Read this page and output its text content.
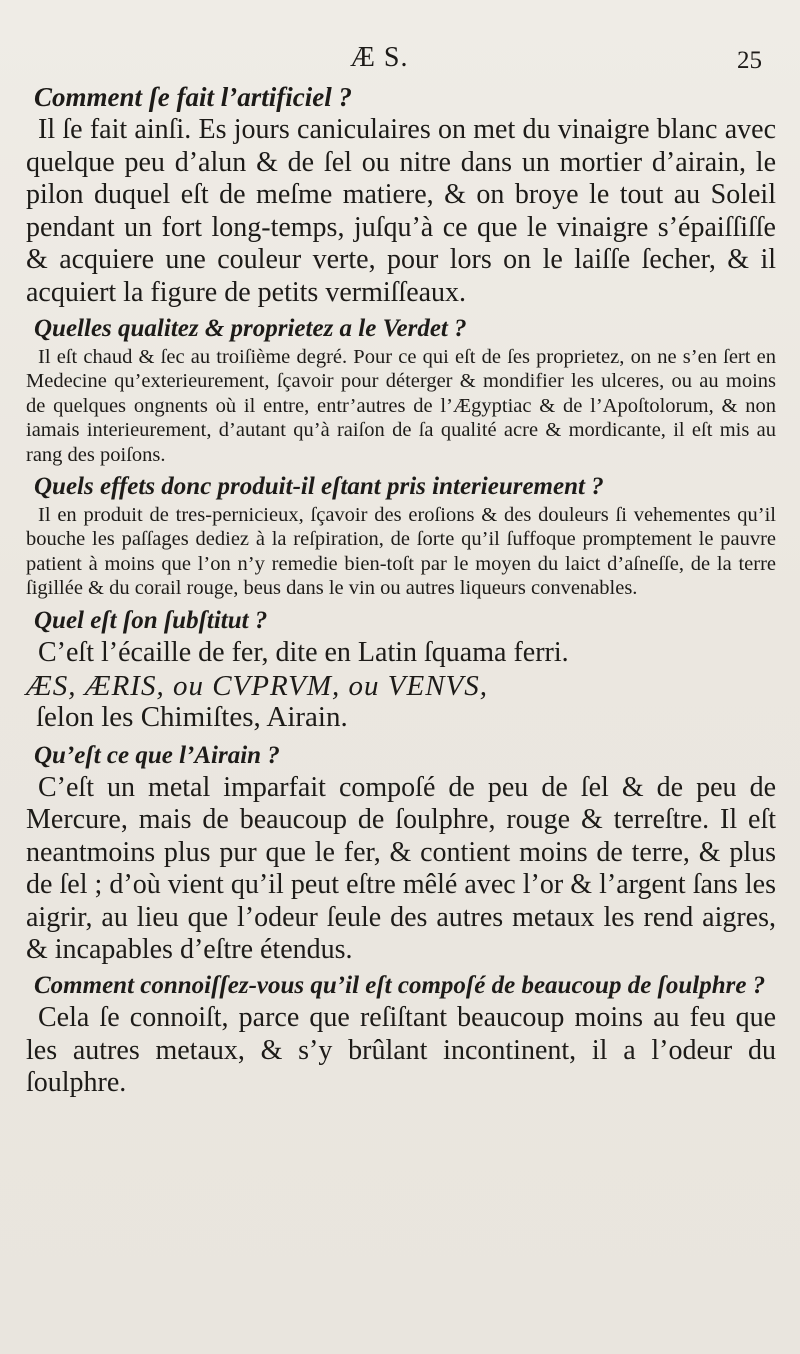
Æ S.	25

Comment ſe fait l’artificiel ?

Il ſe fait ainſi. Es jours caniculaires on met du vinaigre blanc avec quelque peu d’alun & de ſel ou nitre dans un mortier d’airain, le pilon duquel eſt de meſme matiere, & on broye le tout au Soleil pendant un fort long-temps, juſqu’à ce que le vinaigre s’épaiſſiſſe & acquiere une couleur verte, pour lors on le laiſſe ſecher, & il acquiert la figure de petits vermiſſeaux.

Quelles qualitez & proprietez a le Verdet ?

Il eſt chaud & ſec au troiſième degré. Pour ce qui eſt de ſes proprietez, on ne s’en ſert en Medecine qu’exterieurement, ſçavoir pour déterger & mondifier les ulceres, ou au moins de quelques ongnents où il entre, entr’autres de l’Ægyptiac & de l’Apoſtolorum, & non iamais interieurement, d’autant qu’à raiſon de ſa qualité acre & mordicante, il eſt mis au rang des poiſons.

Quels effets donc produit-il eſtant pris interieurement ?

Il en produit de tres-pernicieux, ſçavoir des eroſions & des douleurs ſi vehementes qu’il bouche les paſſages dediez à la reſpiration, de ſorte qu’il ſuffoque promptement le pauvre patient à moins que l’on n’y remedie bien-toſt par le moyen du laict d’aſneſſe, de la terre ſigillée & du corail rouge, beus dans le vin ou autres liqueurs convenables.

Quel eſt ſon ſubſtitut ?

C’eſt l’écaille de fer, dite en Latin ſquama ferri.

ÆS, ÆRIS, ou CVPRVM, ou VENVS,

ſelon les Chimiſtes, Airain.

Qu’eſt ce que l’Airain ?

C’eſt un metal imparfait compoſé de peu de ſel & de peu de Mercure, mais de beaucoup de ſoulphre, rouge & terreſtre. Il eſt neantmoins plus pur que le fer, & contient moins de terre, & plus de ſel ; d’où vient qu’il peut eſtre mêlé avec l’or & l’argent ſans les aigrir, au lieu que l’odeur ſeule des autres metaux les rend aigres, & incapables d’eſtre étendus.

Comment connoiſſez-vous qu’il eſt compoſé de beaucoup de ſoulphre ?

Cela ſe connoiſt, parce que reſiſtant beaucoup moins au feu que les autres metaux, & s’y brûlant incontinent, il a l’odeur du ſoulphre.
